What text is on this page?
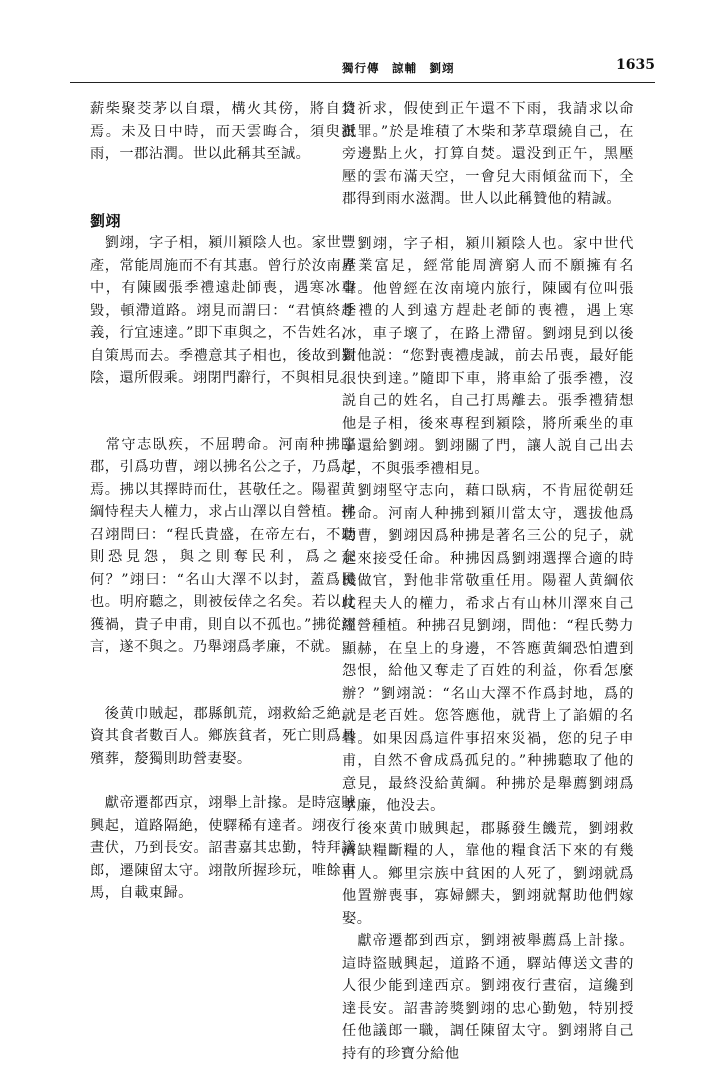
獨行傳　諒輔　劉翊	1635

薪柴聚茭茅以自環，構火其傍，將自焚焉。未及日中時，而天雲晦合，須臾澍雨，一郡沾潤。世以此稱其至誠。

劉翊

　劉翊，字子相，潁川潁陰人也。家世豐產，常能周施而不有其惠。曾行於汝南界中，有陳國張季禮遠赴師喪，遇寒冰車毀，頓滯道路。翊見而謂曰：“君慎終赴義，行宜速達。”即下車與之，不告姓名，自策馬而去。季禮意其子相也，後故到潁陰，還所假乘。翊閉門辭行，不與相見。

　常守志臥疾，不屈聘命。河南种拂臨郡，引爲功曹，翊以拂名公之子，乃爲起焉。拂以其擇時而仕，甚敬任之。陽翟黄綱恃程夫人權力，求占山澤以自營植。拂召翊問曰：“程氏貴盛，在帝左右，不聽則恐見怨，與之則奪民利，爲之奈何？”翊曰：“名山大澤不以封，蓋爲民也。明府聽之，則被佞倖之名矣。若以此獲禍，貴子申甫，則自以不孤也。”拂從翊言，遂不與之。乃舉翊爲孝廉，不就。

　後黄巾賊起，郡縣飢荒，翊救給乏絶，資其食者數百人。鄉族貧者，死亡則爲具殯葬，嫠獨則助營妻娶。

　獻帝遷都西京，翊舉上計掾。是時寇賊興起，道路隔絶，使驛稀有達者。翊夜行晝伏，乃到長安。詔書嘉其忠勤，特拜議郎，遷陳留太守。翊散所握珍玩，唯餘車馬，自載東歸。

自祈求，假使到正午還不下雨，我請求以命抵罪。”於是堆積了木柴和茅草環繞自己，在旁邊點上火，打算自焚。還没到正午，黑壓壓的雲布滿天空，一會兒大雨傾盆而下，全郡得到雨水滋潤。世人以此稱贊他的精誠。

　劉翊，字子相，潁川潁陰人也。家中世代產業富足，經常能周濟窮人而不願擁有名聲。他曾經在汝南境内旅行，陳國有位叫張季禮的人到遠方趕赴老師的喪禮，遇上寒冰，車子壞了，在路上滯留。劉翊見到以後對他説：“您對喪禮虔誠，前去吊喪，最好能很快到達。”隨即下車，將車給了張季禮，沒説自己的姓名，自己打馬離去。張季禮猜想他是子相，後來專程到潁陰，將所乘坐的車子還給劉翊。劉翊關了門，讓人説自己出去了，不與張季禮相見。

　劉翊堅守志向，藉口臥病，不肯屈從朝廷任命。河南人种拂到潁川當太守，選拔他爲功曹，劉翊因爲种拂是著名三公的兒子，就起來接受任命。种拂因爲劉翊選擇合適的時機做官，對他非常敬重任用。陽翟人黄綱依仗程夫人的權力，希求占有山林川澤來自己經營種植。种拂召見劉翊，問他：“程氏勢力顯赫，在皇上的身邊，不答應黄綱恐怕遭到怨恨，給他又奪走了百姓的利益，你看怎麼辦？”劉翊説：“名山大澤不作爲封地，爲的就是老百姓。您答應他，就背上了諂媚的名聲。如果因爲這件事招來災禍，您的兒子申甫，自然不會成爲孤兒的。”种拂聽取了他的意見，最終没給黄綱。种拂於是舉薦劉翊爲孝廉，他没去。

　後來黄巾賊興起，郡縣發生饑荒，劉翊救濟缺糧斷糧的人，靠他的糧食活下來的有幾百人。鄉里宗族中貧困的人死了，劉翊就爲他置辦喪事，寡婦鰥夫，劉翊就幫助他們嫁娶。

　獻帝遷都到西京，劉翊被舉薦爲上計掾。這時盜賊興起，道路不通，驛站傳送文書的人很少能到達西京。劉翊夜行晝宿，這纔到達長安。詔書誇獎劉翊的忠心勤勉，特别授任他議郎一職，調任陳留太守。劉翊將自己持有的珍寶分給他
